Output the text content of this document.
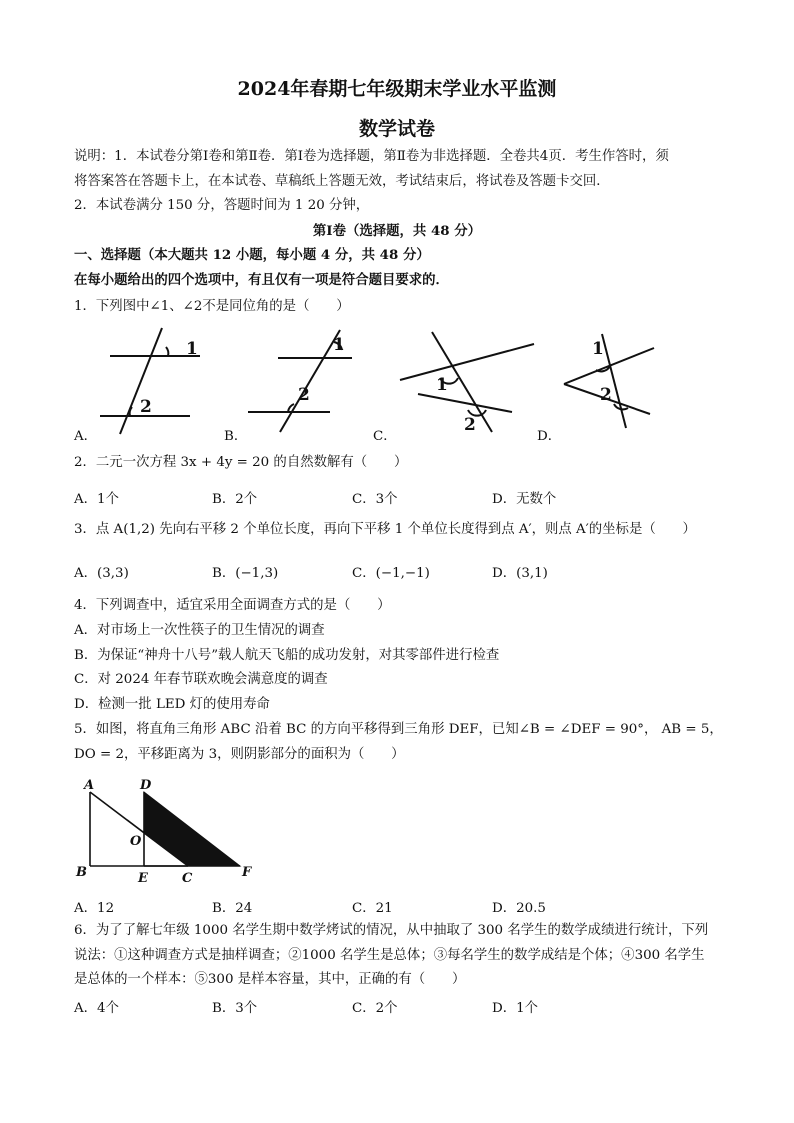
2024年春期七年级期末学业水平监测
数学试卷
说明：1．本试卷分第Ⅰ卷和第Ⅱ卷．第Ⅰ卷为选择题，第Ⅱ卷为非选择题．全卷共4页．考生作答时，须
将答案答在答题卡上，在本试卷、草稿纸上答题无效，考试结束后，将试卷及答题卡交回．
2．本试卷满分 150 分，答题时间为 1 20 分钟，
第Ⅰ卷（选择题，共 48 分）
一、选择题（本大题共 12 小题，每小题 4 分，共 48 分）
在每小题给出的四个选项中，有且仅有一项是符合题目要求的．
1．下列图中∠1、∠2不是同位角的是（　　）
1
2
1
2	1
2
1
2
A．	B．	C．	D．
2．二元一次方程 3x + 4y = 20 的自然数解有（　　）
A．1个	B．2个	C．3个	D．无数个
3．点 A(1,2) 先向右平移 2 个单位长度，再向下平移 1 个单位长度得到点 A′，则点 A′的坐标是（　　）
A．(3,3)	B．(−1,3)	C．(−1,−1)	D．(3,1)
4．下列调查中，适宜采用全面调查方式的是（　　）
A．对市场上一次性筷子的卫生情况的调查
B．为保证“神舟十八号”载人航天飞船的成功发射，对其零部件进行检查
C．对 2024 年春节联欢晚会满意度的调查
D．检测一批 LED 灯的使用寿命
5．如图，将直角三角形 ABC 沿着 BC 的方向平移得到三角形 DEF，已知∠B = ∠DEF = 90°， AB = 5，
DO = 2，平移距离为 3，则阴影部分的面积为（　　）
A	D
O
B	E	C	F
A．12	B．24	C．21	D．20.5
6．为了了解七年级 1000 名学生期中数学烤试的情况，从中抽取了 300 名学生的数学成绩进行统计，下列
说法：①这种调查方式是抽样调查；②1000 名学生是总体；③每名学生的数学成结是个体；④300 名学生
是总体的一个样本：⑤300 是样本容量，其中，正确的有（　　）
A．4个	B．3个	C．2个	D．1个
